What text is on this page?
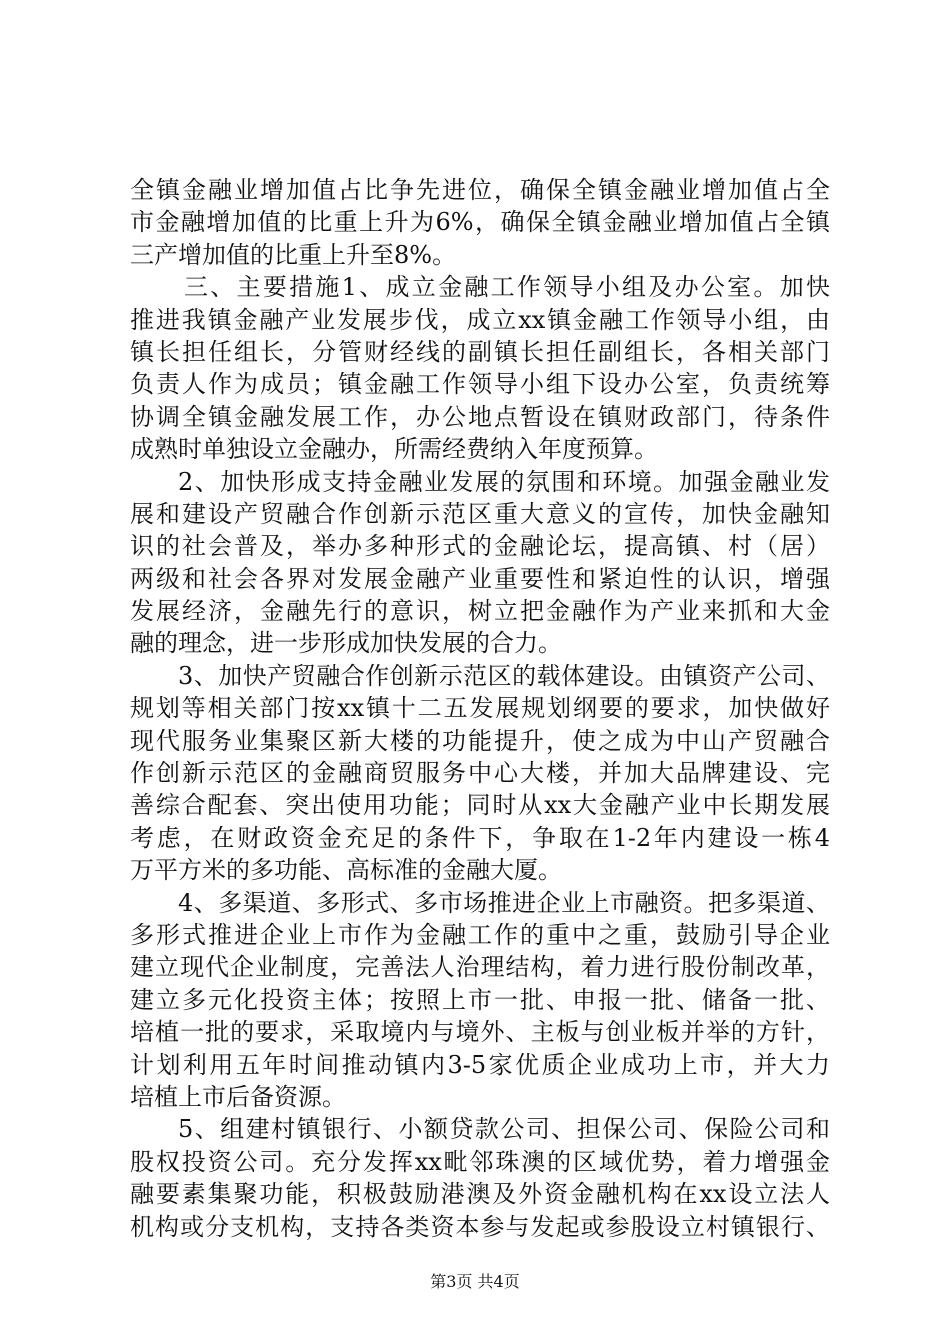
全镇金融业增加值占比争先进位，确保全镇金融业增加值占全
市金融增加值的比重上升为6%，确保全镇金融业增加值占全镇
三产增加值的比重上升至8%。
三、主要措施1、成立金融工作领导小组及办公室。加快
推进我镇金融产业发展步伐，成立xx镇金融工作领导小组，由
镇长担任组长，分管财经线的副镇长担任副组长，各相关部门
负责人作为成员；镇金融工作领导小组下设办公室，负责统筹
协调全镇金融发展工作，办公地点暂设在镇财政部门，待条件
成熟时单独设立金融办，所需经费纳入年度预算。
2、加快形成支持金融业发展的氛围和环境。加强金融业发
展和建设产贸融合作创新示范区重大意义的宣传，加快金融知
识的社会普及，举办多种形式的金融论坛，提高镇、村（居）
两级和社会各界对发展金融产业重要性和紧迫性的认识，增强
发展经济，金融先行的意识，树立把金融作为产业来抓和大金
融的理念，进一步形成加快发展的合力。
3、加快产贸融合作创新示范区的载体建设。由镇资产公司、
规划等相关部门按xx镇十二五发展规划纲要的要求，加快做好
现代服务业集聚区新大楼的功能提升，使之成为中山产贸融合
作创新示范区的金融商贸服务中心大楼，并加大品牌建设、完
善综合配套、突出使用功能；同时从xx大金融产业中长期发展
考虑，在财政资金充足的条件下，争取在1-2年内建设一栋4
万平方米的多功能、高标准的金融大厦。
4、多渠道、多形式、多市场推进企业上市融资。把多渠道、
多形式推进企业上市作为金融工作的重中之重，鼓励引导企业
建立现代企业制度，完善法人治理结构，着力进行股份制改革，
建立多元化投资主体；按照上市一批、申报一批、储备一批、
培植一批的要求，采取境内与境外、主板与创业板并举的方针，
计划利用五年时间推动镇内3-5家优质企业成功上市，并大力
培植上市后备资源。
5、组建村镇银行、小额贷款公司、担保公司、保险公司和
股权投资公司。充分发挥xx毗邻珠澳的区域优势，着力增强金
融要素集聚功能，积极鼓励港澳及外资金融机构在xx设立法人
机构或分支机构，支持各类资本参与发起或参股设立村镇银行、
第3页 共4页
